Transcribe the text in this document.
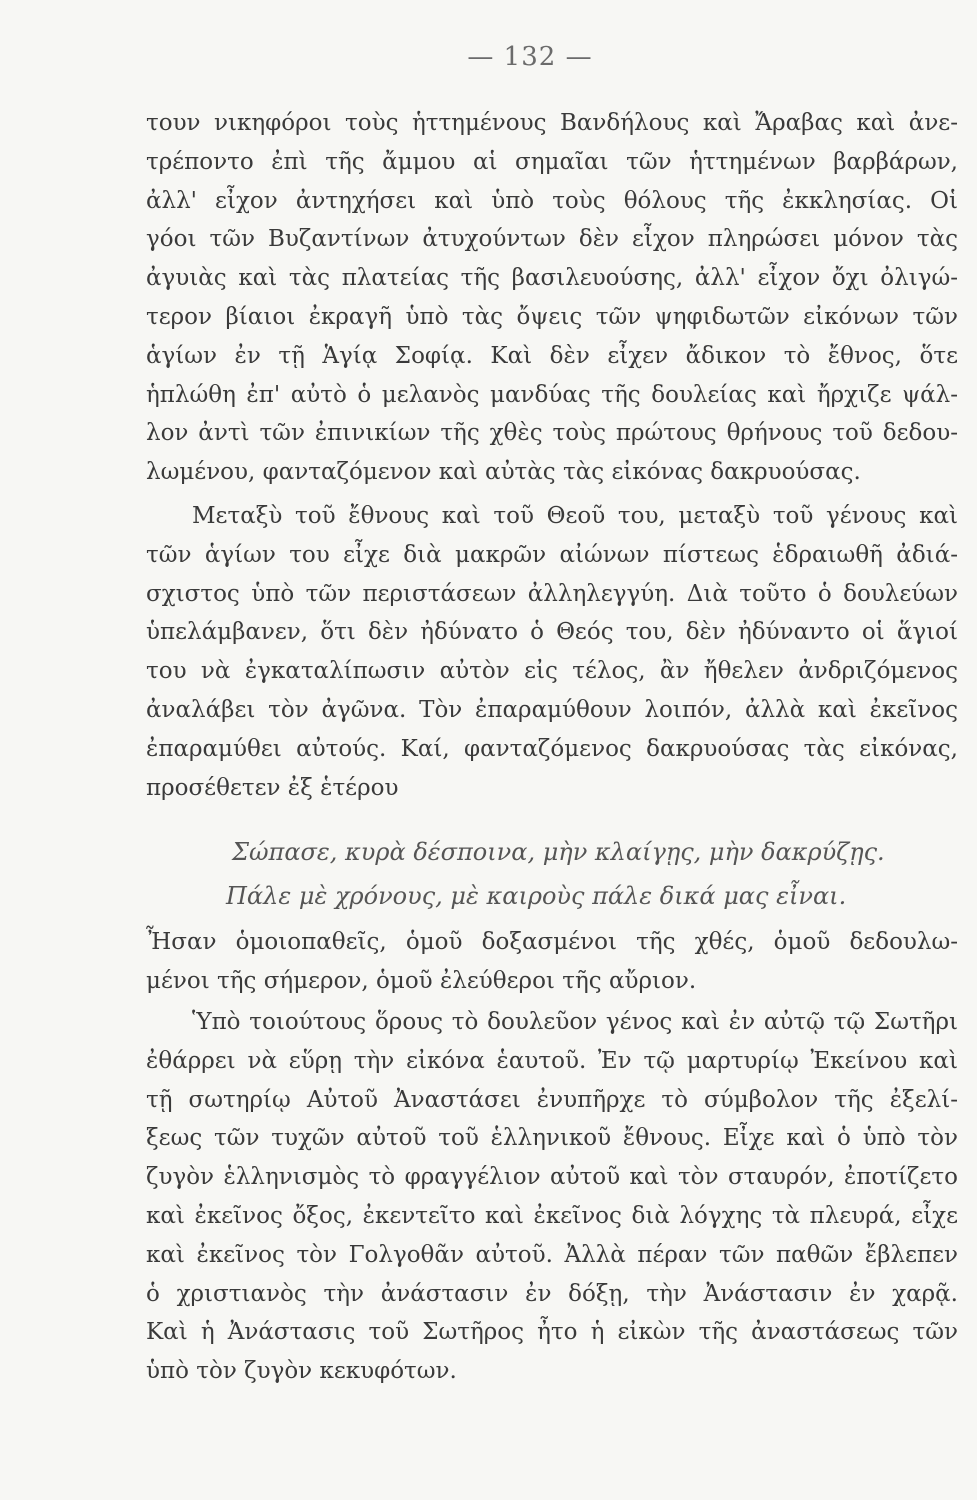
— 132 —
τουν νικηφόροι τοὺς ἡττημένους Βανδήλους καὶ Ἄραβας καὶ ἀνε-
τρέποντο ἐπὶ τῆς ἄμμου αἱ σημαῖαι τῶν ἡττημένων βαρβάρων,
ἀλλ' εἶχον ἀντηχήσει καὶ ὑπὸ τοὺς θόλους τῆς ἐκκλησίας. Οἱ
γόοι τῶν Βυζαντίνων ἀτυχούντων δὲν εἶχον πληρώσει μόνον τὰς
ἀγυιὰς καὶ τὰς πλατείας τῆς βασιλευούσης, ἀλλ' εἶχον ὄχι ὀλιγώ-
τερον βίαιοι ἐκραγῆ ὑπὸ τὰς ὄψεις τῶν ψηφιδωτῶν εἰκόνων τῶν
ἁγίων ἐν τῇ Ἁγίᾳ Σοφίᾳ. Καὶ δὲν εἶχεν ἄδικον τὸ ἔθνος, ὅτε
ἡπλώθη ἐπ' αὐτὸ ὁ μελανὸς μανδύας τῆς δουλείας καὶ ἤρχιζε ψάλ-
λον ἀντὶ τῶν ἐπινικίων τῆς χθὲς τοὺς πρώτους θρήνους τοῦ δεδου-
λωμένου, φανταζόμενον καὶ αὐτὰς τὰς εἰκόνας δακρυούσας.
Μεταξὺ τοῦ ἔθνους καὶ τοῦ Θεοῦ του, μεταξὺ τοῦ γένους καὶ
τῶν ἁγίων του εἶχε διὰ μακρῶν αἰώνων πίστεως ἑδραιωθῆ ἀδιά-
σχιστος ὑπὸ τῶν περιστάσεων ἀλληλεγγύη. Διὰ τοῦτο ὁ δουλεύων
ὑπελάμβανεν, ὅτι δὲν ἠδύνατο ὁ Θεός του, δὲν ἠδύναντο οἱ ἅγιοί
του νὰ ἐγκαταλίπωσιν αὐτὸν εἰς τέλος, ἂν ἤθελεν ἀνδριζόμενος
ἀναλάβει τὸν ἀγῶνα. Τὸν ἐπαραμύθουν λοιπόν, ἀλλὰ καὶ ἐκεῖνος
ἐπαραμύθει αὐτούς. Καί, φανταζόμενος δακρυούσας τὰς εἰκόνας,
προσέθετεν ἐξ ἑτέρου
Σώπασε, κυρὰ δέσποινα, μὴν κλαίγῃς, μὴν δακρύζῃς.
Πάλε μὲ χρόνους, μὲ καιροὺς πάλε δικά μας εἶναι.
Ἦσαν ὁμοιοπαθεῖς, ὁμοῦ δοξασμένοι τῆς χθές, ὁμοῦ δεδουλω-
μένοι τῆς σήμερον, ὁμοῦ ἐλεύθεροι τῆς αὔριον.
Ὑπὸ τοιούτους ὅρους τὸ δουλεῦον γένος καὶ ἐν αὐτῷ τῷ Σωτῆρι
ἐθάρρει νὰ εὕρῃ τὴν εἰκόνα ἑαυτοῦ. Ἐν τῷ μαρτυρίῳ Ἐκείνου καὶ
τῇ σωτηρίῳ Αὐτοῦ Ἀναστάσει ἐνυπῆρχε τὸ σύμβολον τῆς ἐξελί-
ξεως τῶν τυχῶν αὐτοῦ τοῦ ἑλληνικοῦ ἔθνους. Εἶχε καὶ ὁ ὑπὸ τὸν
ζυγὸν ἑλληνισμὸς τὸ φραγγέλιον αὐτοῦ καὶ τὸν σταυρόν, ἐποτίζετο
καὶ ἐκεῖνος ὄξος, ἐκεντεῖτο καὶ ἐκεῖνος διὰ λόγχης τὰ πλευρά, εἶχε
καὶ ἐκεῖνος τὸν Γολγοθᾶν αὐτοῦ. Ἀλλὰ πέραν τῶν παθῶν ἔβλεπεν
ὁ χριστιανὸς τὴν ἀνάστασιν ἐν δόξῃ, τὴν Ἀνάστασιν ἐν χαρᾷ.
Καὶ ἡ Ἀνάστασις τοῦ Σωτῆρος ἦτο ἡ εἰκὼν τῆς ἀναστάσεως τῶν
ὑπὸ τὸν ζυγὸν κεκυφότων.
